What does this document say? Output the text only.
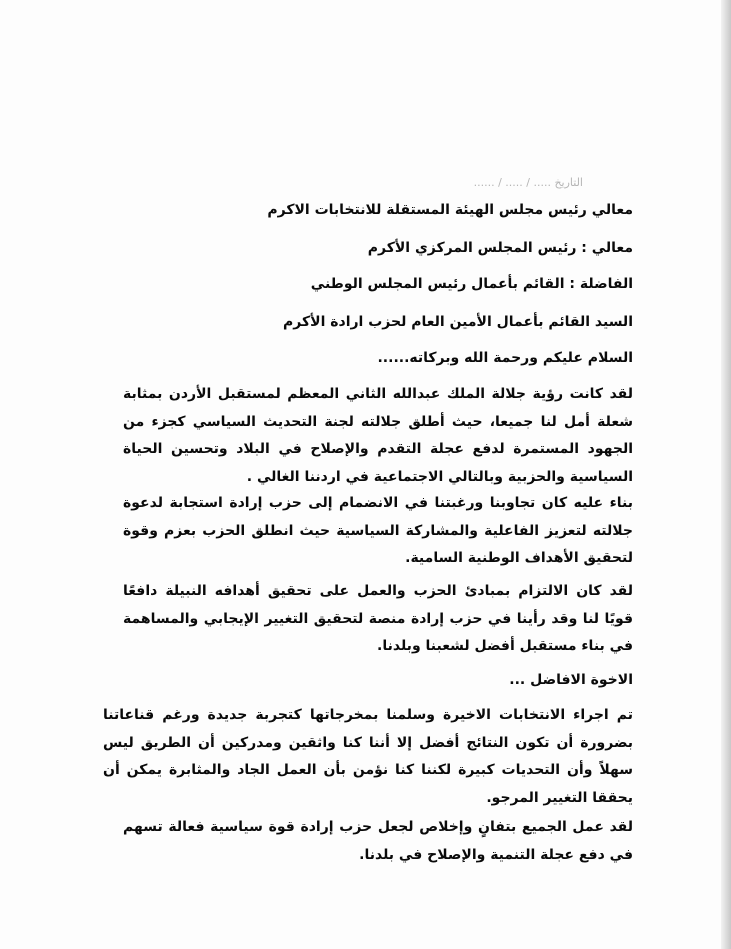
التاريخ ..... / ..... / ......
معالي رئيس مجلس الهيئة المستقلة للانتخابات الاكرم
معالي : رئيس المجلس المركزي الأكرم
الفاضلة : القائم بأعمال رئيس المجلس الوطني
السيد القائم بأعمال الأمين العام لحزب ارادة الأكرم
السلام عليكم ورحمة الله وبركاته......
لقد كانت رؤية جلالة الملك عبدالله الثاني المعظم لمستقبل الأردن بمثابة شعلة أمل لنا جميعا، حيث أطلق جلالته لجنة التحديث السياسي كجزء من الجهود المستمرة لدفع عجلة التقدم والإصلاح في البلاد وتحسين الحياة السياسية والحزبية وبالتالي الاجتماعية في اردننا الغالي .
بناء عليه كان تجاوبنا ورغبتنا في الانضمام إلى حزب إرادة استجابة لدعوة جلالته لتعزيز الفاعلية والمشاركة السياسية حيث انطلق الحزب بعزم وقوة لتحقيق الأهداف الوطنية السامية.
لقد كان الالتزام بمبادئ الحزب والعمل على تحقيق أهدافه النبيلة دافعًا قويًا لنا وقد رأينا في حزب إرادة منصة لتحقيق التغيير الإيجابي والمساهمة في بناء مستقبل أفضل لشعبنا وبلدنا.
الاخوة الافاضل ...
تم اجراء الانتخابات الاخيرة وسلمنا بمخرجاتها كتجربة جديدة ورغم قناعاتنا بضرورة أن تكون النتائج أفضل إلا أننا كنا واثقين ومدركين أن الطريق ليس سهلاً وأن التحديات كبيرة لكننا كنا نؤمن بأن العمل الجاد والمثابرة يمكن أن يحققا التغيير المرجو.
لقد عمل الجميع بتفانٍ وإخلاص لجعل حزب إرادة قوة سياسية فعالة تسهم في دفع عجلة التنمية والإصلاح في بلدنا.
